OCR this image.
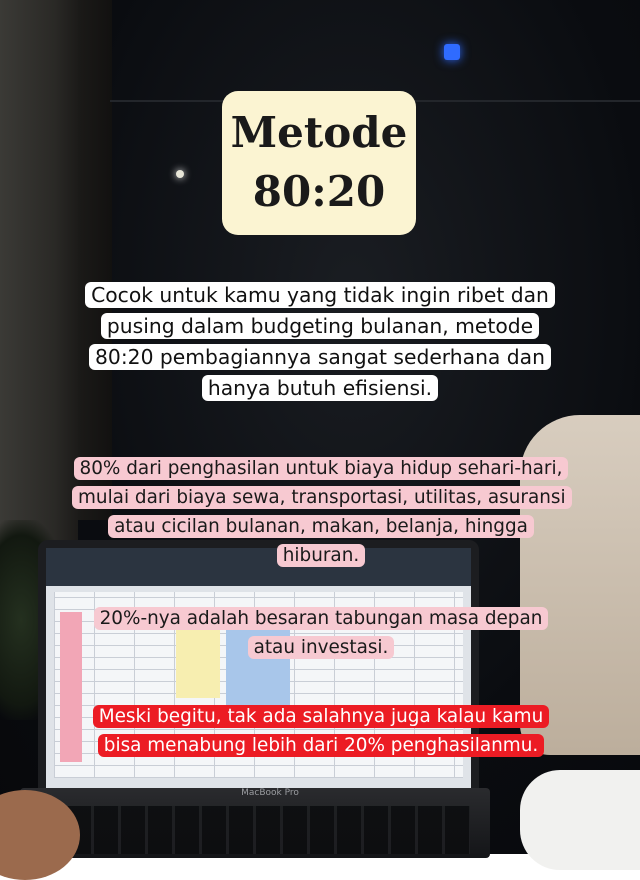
MacBook Pro
Metode
80:20
Cocok untuk kamu yang tidak ingin ribet dan pusing dalam budgeting bulanan, metode 80:20 pembagiannya sangat sederhana dan hanya butuh efisiensi.
80% dari penghasilan untuk biaya hidup sehari-hari, mulai dari biaya sewa, transportasi, utilitas, asuransi atau cicilan bulanan, makan, belanja, hingga hiburan.
20%-nya adalah besaran tabungan masa depan atau investasi.
Meski begitu, tak ada salahnya juga kalau kamu bisa menabung lebih dari 20% penghasilanmu.
